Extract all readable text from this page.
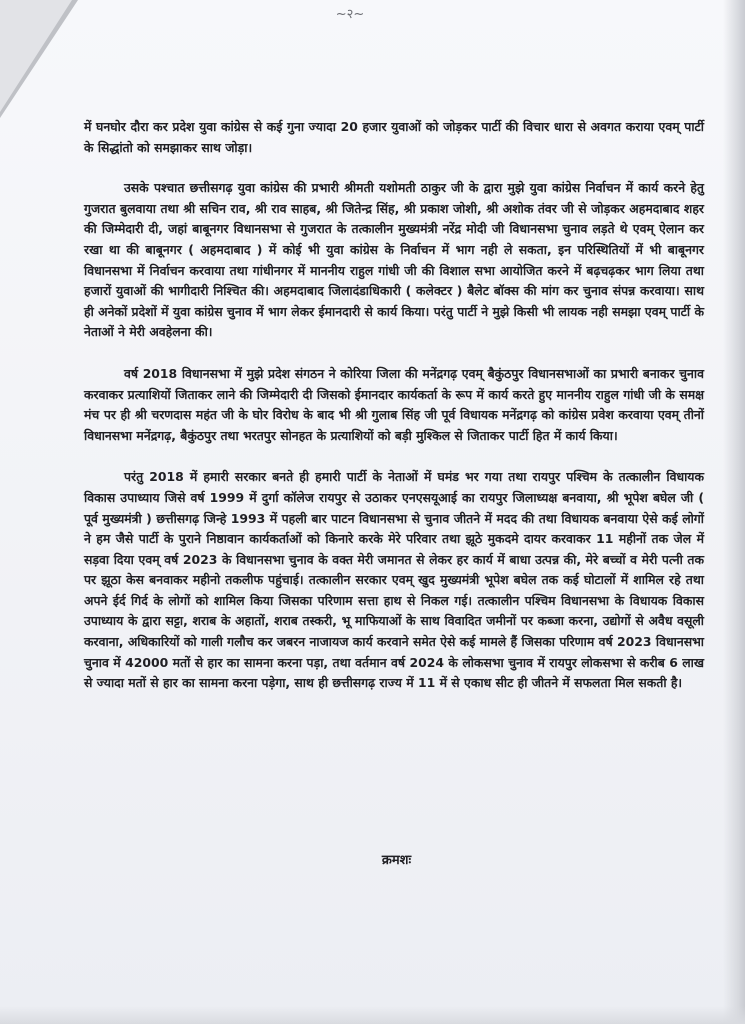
~२~

में घनघोर दौरा कर प्रदेश युवा कांग्रेस से कई गुना ज्यादा 20 हजार युवाओं को जोड़कर पार्टी की विचार धारा से अवगत कराया एवम् पार्टी के सिद्धांतो को समझाकर साथ जोड़ा।

उसके पश्चात छत्तीसगढ़ युवा कांग्रेस की प्रभारी श्रीमती यशोमती ठाकुर जी के द्वारा मुझे युवा कांग्रेस निर्वाचन में कार्य करने हेतु गुजरात बुलवाया तथा श्री सचिन राव, श्री राव साहब, श्री जितेन्द्र सिंह, श्री प्रकाश जोशी, श्री अशोक तंवर जी से जोड़कर अहमदाबाद शहर की जिम्मेदारी दी, जहां बाबूनगर विधानसभा से गुजरात के तत्कालीन मुख्यमंत्री नरेंद्र मोदी जी विधानसभा चुनाव लड़ते थे एवम् ऐलान कर रखा था की बाबूनगर ( अहमदाबाद ) में कोई भी युवा कांग्रेस के निर्वाचन में भाग नही ले सकता, इन परिस्थितियों में भी बाबूनगर विधानसभा में निर्वाचन करवाया तथा गांधीनगर में माननीय राहुल गांधी जी की विशाल सभा आयोजित करने में बढ़चढ़कर भाग लिया तथा हजारों युवाओं की भागीदारी निश्चित की। अहमदाबाद जिलादंडाधिकारी ( कलेक्टर ) बैलेट बॉक्स की मांग कर चुनाव संपन्न करवाया। साथ ही अनेकों प्रदेशों में युवा कांग्रेस चुनाव में भाग लेकर ईमानदारी से कार्य किया। परंतु पार्टी ने मुझे किसी भी लायक नही समझा एवम् पार्टी के नेताओं ने मेरी अवहेलना की।

वर्ष 2018 विधानसभा में मुझे प्रदेश संगठन ने कोरिया जिला की मनेंद्रगढ़ एवम् बैकुंठपुर विधानसभाओं का प्रभारी बनाकर चुनाव करवाकर प्रत्याशियों जिताकर लाने की जिम्मेदारी दी जिसको ईमानदार कार्यकर्ता के रूप में कार्य करते हुए माननीय राहुल गांधी जी के समक्ष मंच पर ही श्री चरणदास महंत जी के घोर विरोध के बाद भी श्री गुलाब सिंह जी पूर्व विधायक मनेंद्रगढ़ को कांग्रेस प्रवेश करवाया एवम् तीनों विधानसभा मनेंद्रगढ़, बैकुंठपुर तथा भरतपुर सोनहत के प्रत्याशियों को बड़ी मुश्किल से जिताकर पार्टी हित में कार्य किया।

परंतु 2018 में हमारी सरकार बनते ही हमारी पार्टी के नेताओं में घमंड भर गया तथा रायपुर पश्चिम के तत्कालीन विधायक विकास उपाध्याय जिसे वर्ष 1999 में दुर्गा कॉलेज रायपुर से उठाकर एनएसयूआई का रायपुर जिलाध्यक्ष बनवाया, श्री भूपेश बघेल जी ( पूर्व मुख्यमंत्री ) छत्तीसगढ़ जिन्हे 1993 में पहली बार पाटन विधानसभा से चुनाव जीतने में मदद की तथा विधायक बनवाया ऐसे कई लोगों ने हम जैसे पार्टी के पुराने निष्ठावान कार्यकर्ताओं को किनारे करके मेरे परिवार तथा झूठे मुकदमे दायर करवाकर 11 महीनों तक जेल में सड़वा दिया एवम् वर्ष 2023 के विधानसभा चुनाव के वक्त मेरी जमानत से लेकर हर कार्य में बाधा उत्पन्न की, मेरे बच्चों व मेरी पत्नी तक पर झूठा केस बनवाकर महीनो तकलीफ पहुंचाई। तत्कालीन सरकार एवम् खुद मुख्यमंत्री भूपेश बघेल तक कई घोटालों में शामिल रहे तथा अपने ईर्द गिर्द के लोगों को शामिल किया जिसका परिणाम सत्ता हाथ से निकल गई। तत्कालीन पश्चिम विधानसभा के विधायक विकास उपाध्याय के द्वारा सट्टा, शराब के अहातों, शराब तस्करी, भू माफियाओं के साथ विवादित जमीनों पर कब्जा करना, उद्योगों से अवैध वसूली करवाना, अधिकारियों को गाली गलौच कर जबरन नाजायज कार्य करवाने समेत ऐसे कई मामले हैं जिसका परिणाम वर्ष 2023 विधानसभा चुनाव में 42000 मतों से हार का सामना करना पड़ा, तथा वर्तमान वर्ष 2024 के लोकसभा चुनाव में रायपुर लोकसभा से करीब 6 लाख से ज्यादा मतों से हार का सामना करना पड़ेगा, साथ ही छत्तीसगढ़ राज्य में 11 में से एकाध सीट ही जीतने में सफलता मिल सकती है।

क्रमशः
